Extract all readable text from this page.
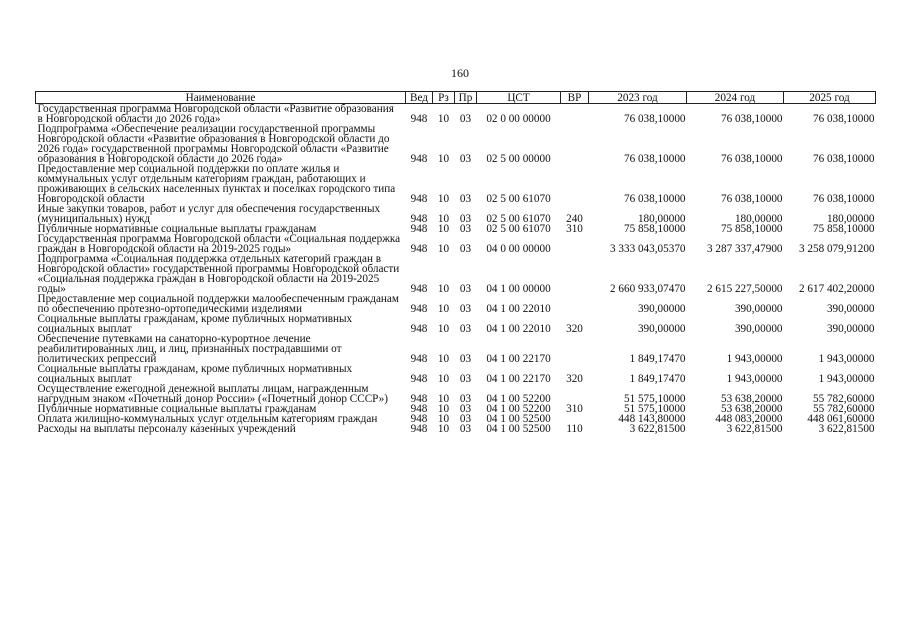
160
Наименование	Вед	Рз	Пр	ЦСТ	ВР	2023 год	2024 год	2025 год
Государственная программа Новгородской области «Развитие образования в Новгородской области до 2026 года»	948	10	03	02 0 00 00000		76 038,10000	76 038,10000	76 038,10000
Подпрограмма «Обеспечение реализации государственной программы Новгородской области «Развитие образования в Новгородской области до 2026 года» государственной программы Новгородской области «Развитие образования в Новгородской области до 2026 года»	948	10	03	02 5 00 00000		76 038,10000	76 038,10000	76 038,10000
Предоставление мер социальной поддержки по оплате жилья и коммунальных услуг отдельным категориям граждан, работающих и проживающих в сельских населенных пунктах и поселках городского типа Новгородской области	948	10	03	02 5 00 61070		76 038,10000	76 038,10000	76 038,10000
Иные закупки товаров, работ и услуг для обеспечения государственных (муниципальных) нужд	948	10	03	02 5 00 61070	240	180,00000	180,00000	180,00000
Публичные нормативные социальные выплаты гражданам	948	10	03	02 5 00 61070	310	75 858,10000	75 858,10000	75 858,10000
Государственная программа Новгородской области «Социальная поддержка граждан в Новгородской области на 2019-2025 годы»	948	10	03	04 0 00 00000		3 333 043,05370	3 287 337,47900	3 258 079,91200
Подпрограмма «Социальная поддержка отдельных категорий граждан в Новгородской области» государственной программы Новгородской области «Социальная поддержка граждан в Новгородской области на 2019-2025 годы»	948	10	03	04 1 00 00000		2 660 933,07470	2 615 227,50000	2 617 402,20000
Предоставление мер социальной поддержки малообеспеченным гражданам по обеспечению протезно-ортопедическими изделиями	948	10	03	04 1 00 22010		390,00000	390,00000	390,00000
Социальные выплаты гражданам, кроме публичных нормативных социальных выплат	948	10	03	04 1 00 22010	320	390,00000	390,00000	390,00000
Обеспечение путевками на санаторно-курортное лечение реабилитированных лиц, и лиц, признанных пострадавшими от политических репрессий	948	10	03	04 1 00 22170		1 849,17470	1 943,00000	1 943,00000
Социальные выплаты гражданам, кроме публичных нормативных социальных выплат	948	10	03	04 1 00 22170	320	1 849,17470	1 943,00000	1 943,00000
Осуществление ежегодной денежной выплаты лицам, награжденным нагрудным знаком «Почетный донор России» («Почетный донор СССР»)	948	10	03	04 1 00 52200		51 575,10000	53 638,20000	55 782,60000
Публичные нормативные социальные выплаты гражданам	948	10	03	04 1 00 52200	310	51 575,10000	53 638,20000	55 782,60000
Оплата жилищно-коммунальных услуг отдельным категориям граждан	948	10	03	04 1 00 52500		448 143,80000	448 083,20000	448 061,60000
Расходы на выплаты персоналу казенных учреждений	948	10	03	04 1 00 52500	110	3 622,81500	3 622,81500	3 622,81500
